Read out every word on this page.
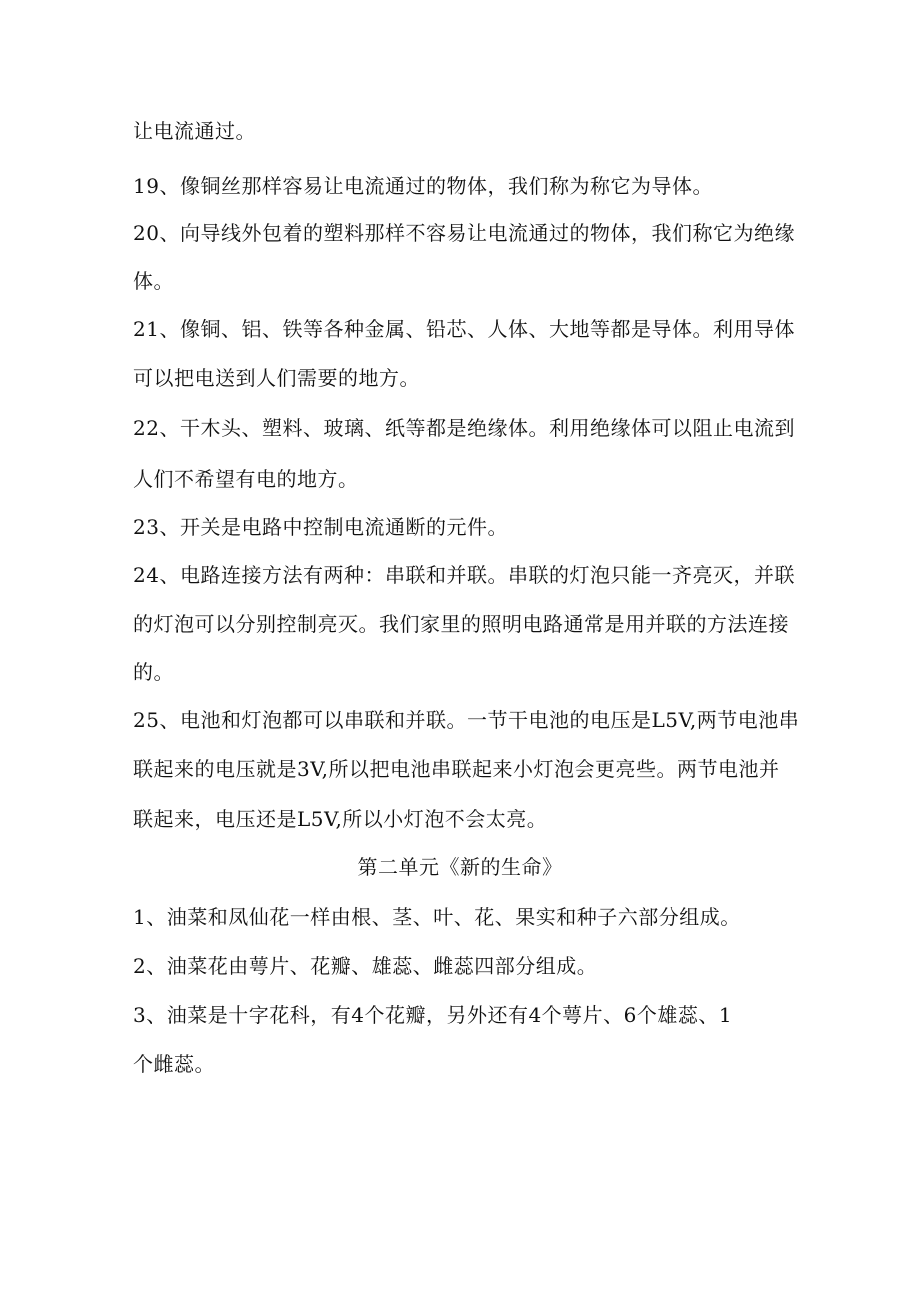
让电流通过。
19、像铜丝那样容易让电流通过的物体，我们称为称它为导体。
20、向导线外包着的塑料那样不容易让电流通过的物体，我们称它为绝缘
体。
21、像铜、铝、铁等各种金属、铅芯、人体、大地等都是导体。利用导体
可以把电送到人们需要的地方。
22、干木头、塑料、玻璃、纸等都是绝缘体。利用绝缘体可以阻止电流到
人们不希望有电的地方。
23、开关是电路中控制电流通断的元件。
24、电路连接方法有两种：串联和并联。串联的灯泡只能一齐亮灭，并联
的灯泡可以分别控制亮灭。我们家里的照明电路通常是用并联的方法连接
的。
25、电池和灯泡都可以串联和并联。一节干电池的电压是L5V,两节电池串
联起来的电压就是3V,所以把电池串联起来小灯泡会更亮些。两节电池并
联起来，电压还是L5V,所以小灯泡不会太亮。
第二单元《新的生命》
1、油菜和凤仙花一样由根、茎、叶、花、果实和种子六部分组成。
2、油菜花由萼片、花瓣、雄蕊、雌蕊四部分组成。
3、油菜是十字花科，有4个花瓣，另外还有4个萼片、6个雄蕊、1
个雌蕊。
